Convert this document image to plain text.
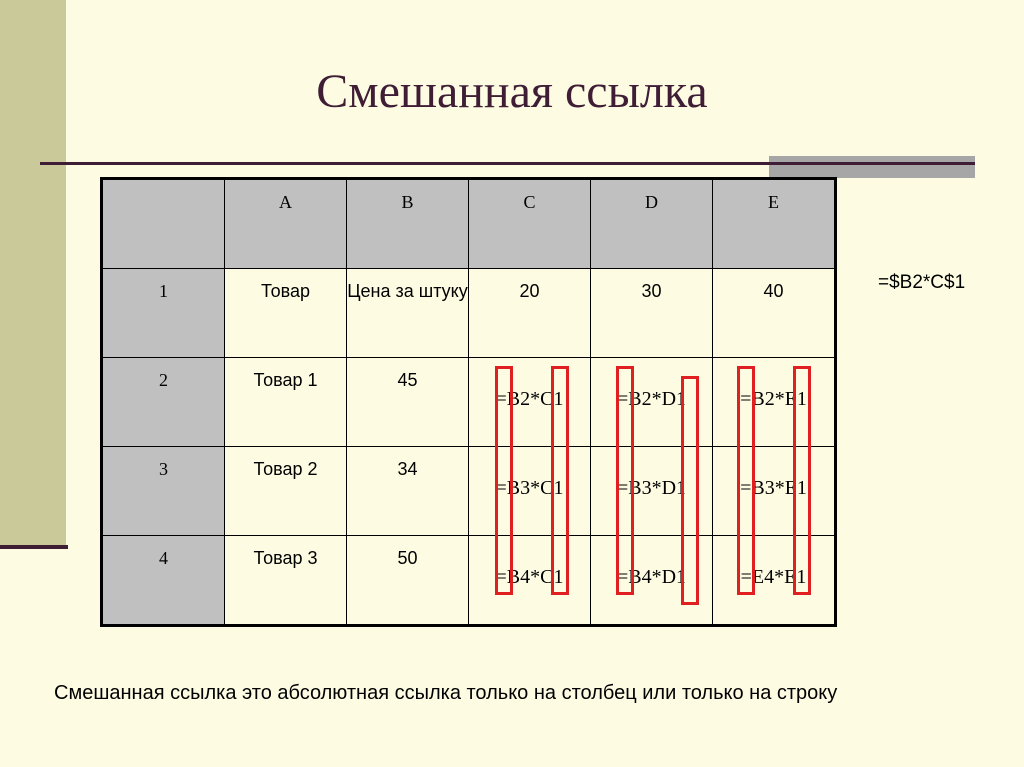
Смешанная ссылка

	A	B	C	D	E

1	Товар	Цена за штуку	20	30	40

2	Товар 1	45	=B2*C1	=B2*D1	=B2*E1

3	Товар 2	34	=B3*C1	=B3*D1	=B3*E1

4	Товар 3	50	=B4*C1	=B4*D1	=E4*E1
=$B2*C$1
Смешанная ссылка это абсолютная ссылка только на столбец или только на строку
